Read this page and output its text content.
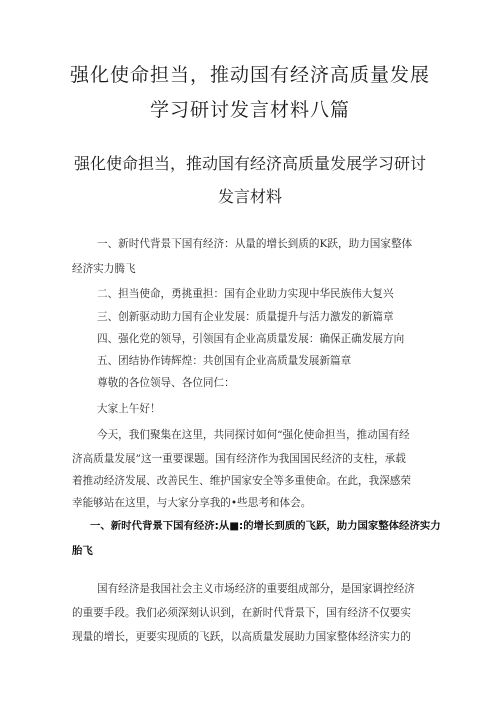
强化使命担当，推动国有经济高质量发展
学习研讨发言材料八篇
强化使命担当，推动国有经济高质量发展学习研讨
发言材料
一、新时代背景下国有经济：从量的增长到质的K跃，助力国家整体
经济实力腾飞
二、担当使命，勇挑重担：国有企业助力实现中华民族伟大复兴
三、创新驱动助力国有企业发展：质量提升与活力激发的新篇章
四、强化党的领导，引领国有企业高质量发展：确保正确发展方向
五、团结协作铸辉煌：共创国有企业高质量发展新篇章
尊敬的各位领导、各位同仁：
大家上午好！
今天，我们聚集在这里，共同探讨如何“强化使命担当，推动国有经
济高质量发展”这一重要课题。国有经济作为我国国民经济的支柱，承载
着推动经济发展、改善民生、维护国家安全等多重使命。在此，我深感荣
幸能够站在这里，与大家分享我的•些思考和体会。
一、新时代背景下国有经济:从■:的增长到质的飞跃，助力国家整体经济实力
胎飞
国有经济是我国社会主义市场经济的重要组成部分，是国家调控经济
的重要手段。我们必须深刻认识到，在新时代背景下，国有经济不仅要实
现量的增长，更要实现质的飞跃，以高质量发展助力国家整体经济实力的
